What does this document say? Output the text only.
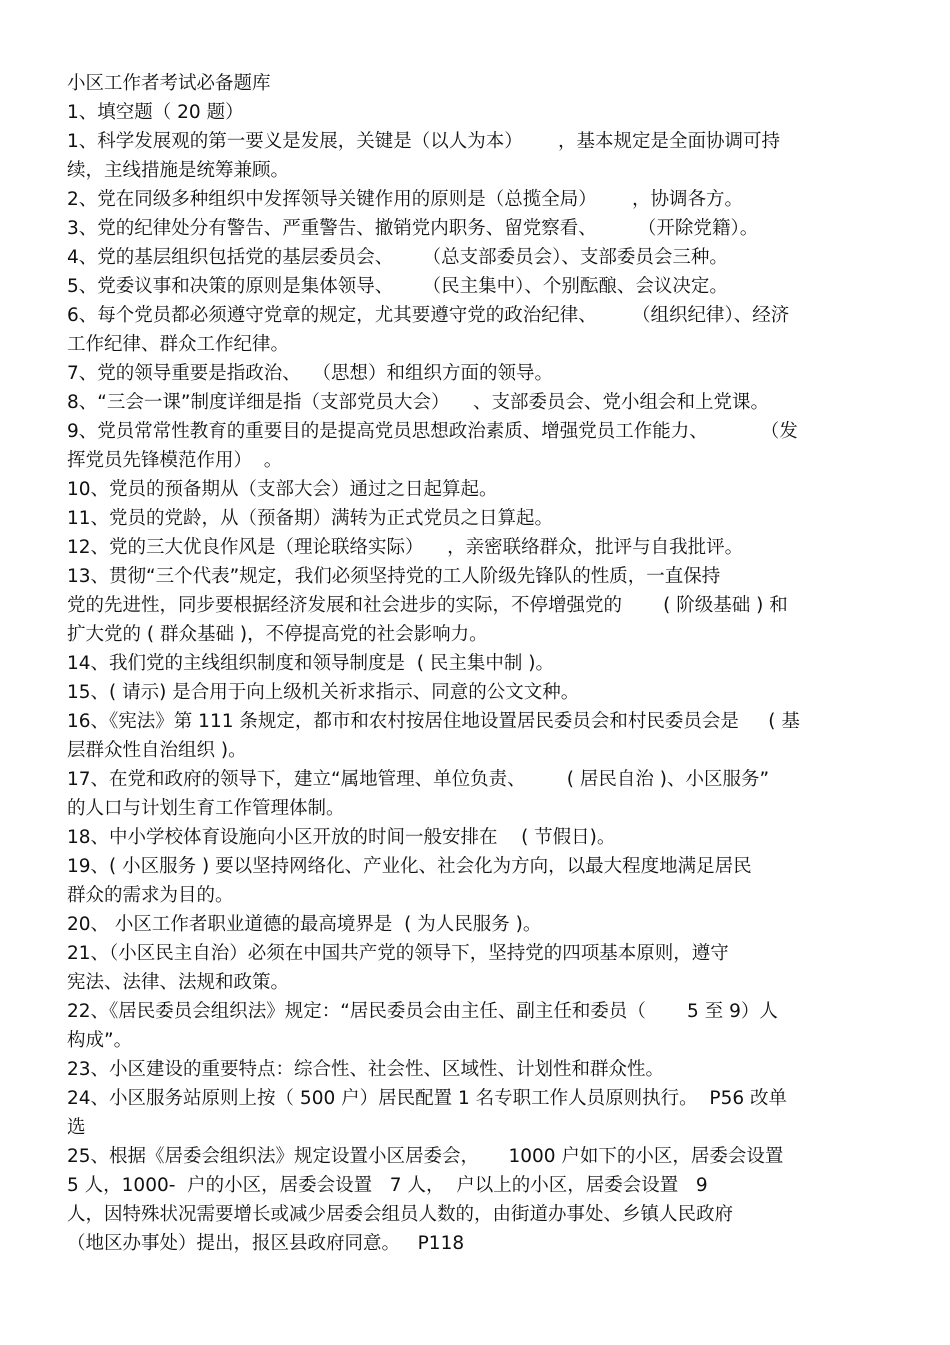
小区工作者考试必备题库
1、填空题（ 20 题）
1、科学发展观的第一要义是发展，关键是（以人为本）      ，基本规定是全面协调可持
续，主线措施是统筹兼顾。
2、党在同级多种组织中发挥领导关键作用的原则是（总揽全局）      ，协调各方。
3、党的纪律处分有警告、严重警告、撤销党内职务、留党察看、       （开除党籍）。
4、党的基层组织包括党的基层委员会、     （总支部委员会）、支部委员会三种。
5、党委议事和决策的原则是集体领导、     （民主集中）、个别酝酿、会议决定。
6、每个党员都必须遵守党章的规定，尤其要遵守党的政治纪律、      （组织纪律）、经济
工作纪律、群众工作纪律。
7、党的领导重要是指政治、  （思想）和组织方面的领导。
8、“三会一课”制度详细是指（支部党员大会）    、支部委员会、党小组会和上党课。
9、党员常常性教育的重要目的是提高党员思想政治素质、增强党员工作能力、         （发
挥党员先锋模范作用）  。
10、党员的预备期从（支部大会）通过之日起算起。
11、党员的党龄，从（预备期）满转为正式党员之日算起。
12、党的三大优良作风是（理论联络实际）    ，亲密联络群众，批评与自我批评。
13、贯彻“三个代表”规定，我们必须坚持党的工人阶级先锋队的性质，一直保持
党的先进性，同步要根据经济发展和社会进步的实际，不停增强党的       ( 阶级基础 ) 和
扩大党的 ( 群众基础 )，不停提高党的社会影响力。
14、我们党的主线组织制度和领导制度是  ( 民主集中制 )。
15、( 请示) 是合用于向上级机关祈求指示、同意的公文文种。
16、《宪法》第 111 条规定，都市和农村按居住地设置居民委员会和村民委员会是     ( 基
层群众性自治组织 )。
17、在党和政府的领导下，建立“属地管理、单位负责、       ( 居民自治 )、小区服务”
的人口与计划生育工作管理体制。
18、中小学校体育设施向小区开放的时间一般安排在    ( 节假日)。
19、( 小区服务 ) 要以坚持网络化、产业化、社会化为方向，以最大程度地满足居民
群众的需求为目的。
20、 小区工作者职业道德的最高境界是  ( 为人民服务 )。
21、（小区民主自治）必须在中国共产党的领导下，坚持党的四项基本原则，遵守
宪法、法律、法规和政策。
22、《居民委员会组织法》规定：“居民委员会由主任、副主任和委员（       5 至 9）人
构成”。
23、小区建设的重要特点：综合性、社会性、区域性、计划性和群众性。
24、小区服务站原则上按（ 500 户）居民配置 1 名专职工作人员原则执行。  P56 改单
选
25、根据《居委会组织法》规定设置小区居委会，     1000 户如下的小区，居委会设置
5 人，1000-  户的小区，居委会设置   7 人，  户以上的小区，居委会设置   9
人，因特殊状况需要增长或减少居委会组员人数的，由街道办事处、乡镇人民政府
（地区办事处）提出，报区县政府同意。   P118
